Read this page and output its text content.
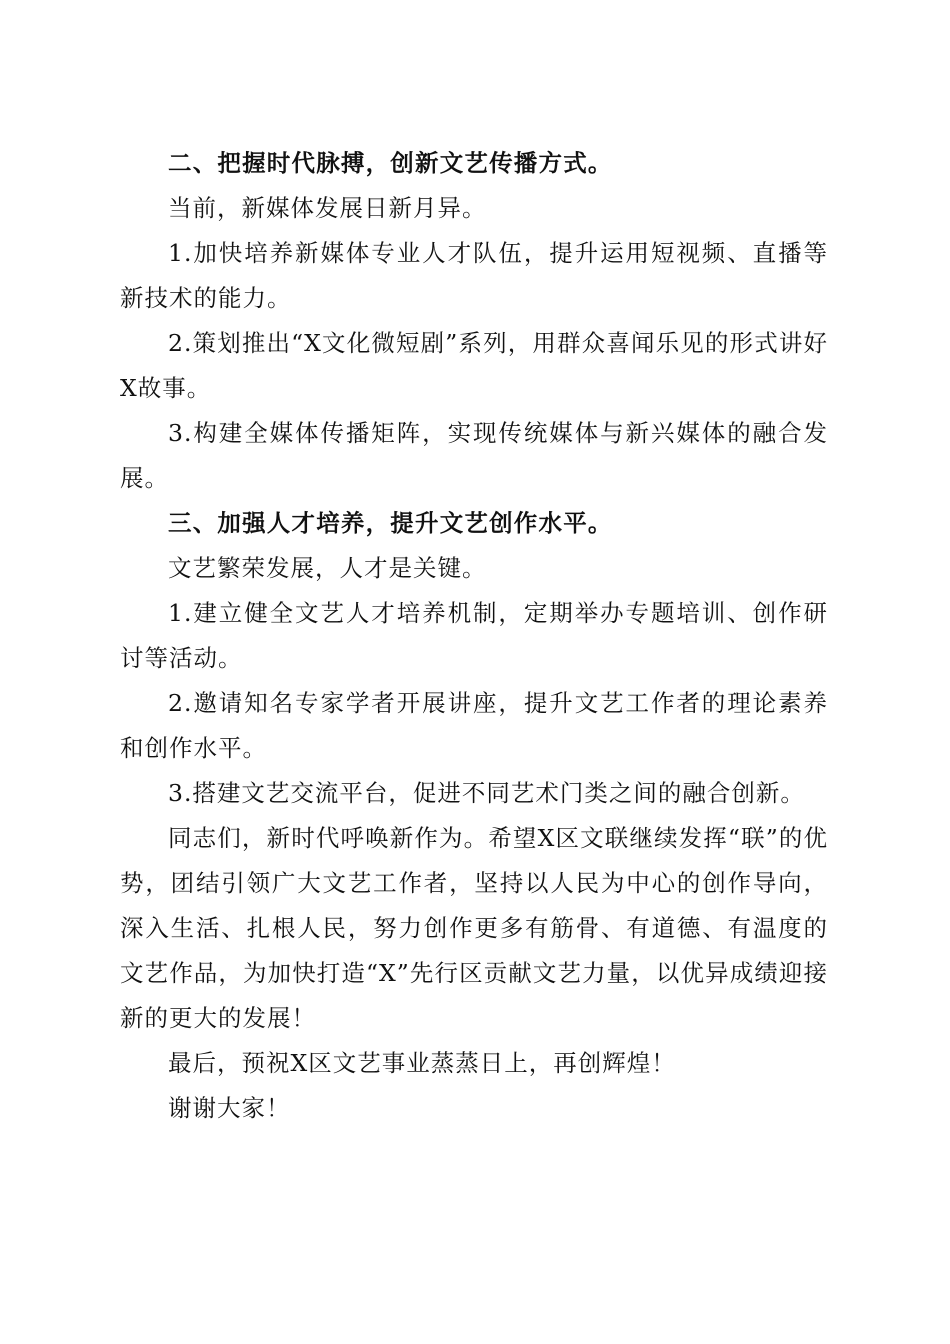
二、把握时代脉搏，创新文艺传播方式。

当前，新媒体发展日新月异。

1.加快培养新媒体专业人才队伍，提升运用短视频、直播等新技术的能力。

2.策划推出“X文化微短剧”系列，用群众喜闻乐见的形式讲好X故事。

3.构建全媒体传播矩阵，实现传统媒体与新兴媒体的融合发展。

三、加强人才培养，提升文艺创作水平。

文艺繁荣发展，人才是关键。

1.建立健全文艺人才培养机制，定期举办专题培训、创作研讨等活动。

2.邀请知名专家学者开展讲座，提升文艺工作者的理论素养和创作水平。

3.搭建文艺交流平台，促进不同艺术门类之间的融合创新。

同志们，新时代呼唤新作为。希望X区文联继续发挥“联”的优势，团结引领广大文艺工作者，坚持以人民为中心的创作导向，深入生活、扎根人民，努力创作更多有筋骨、有道德、有温度的文艺作品，为加快打造“X”先行区贡献文艺力量，以优异成绩迎接新的更大的发展！

最后，预祝X区文艺事业蒸蒸日上，再创辉煌！

谢谢大家！
